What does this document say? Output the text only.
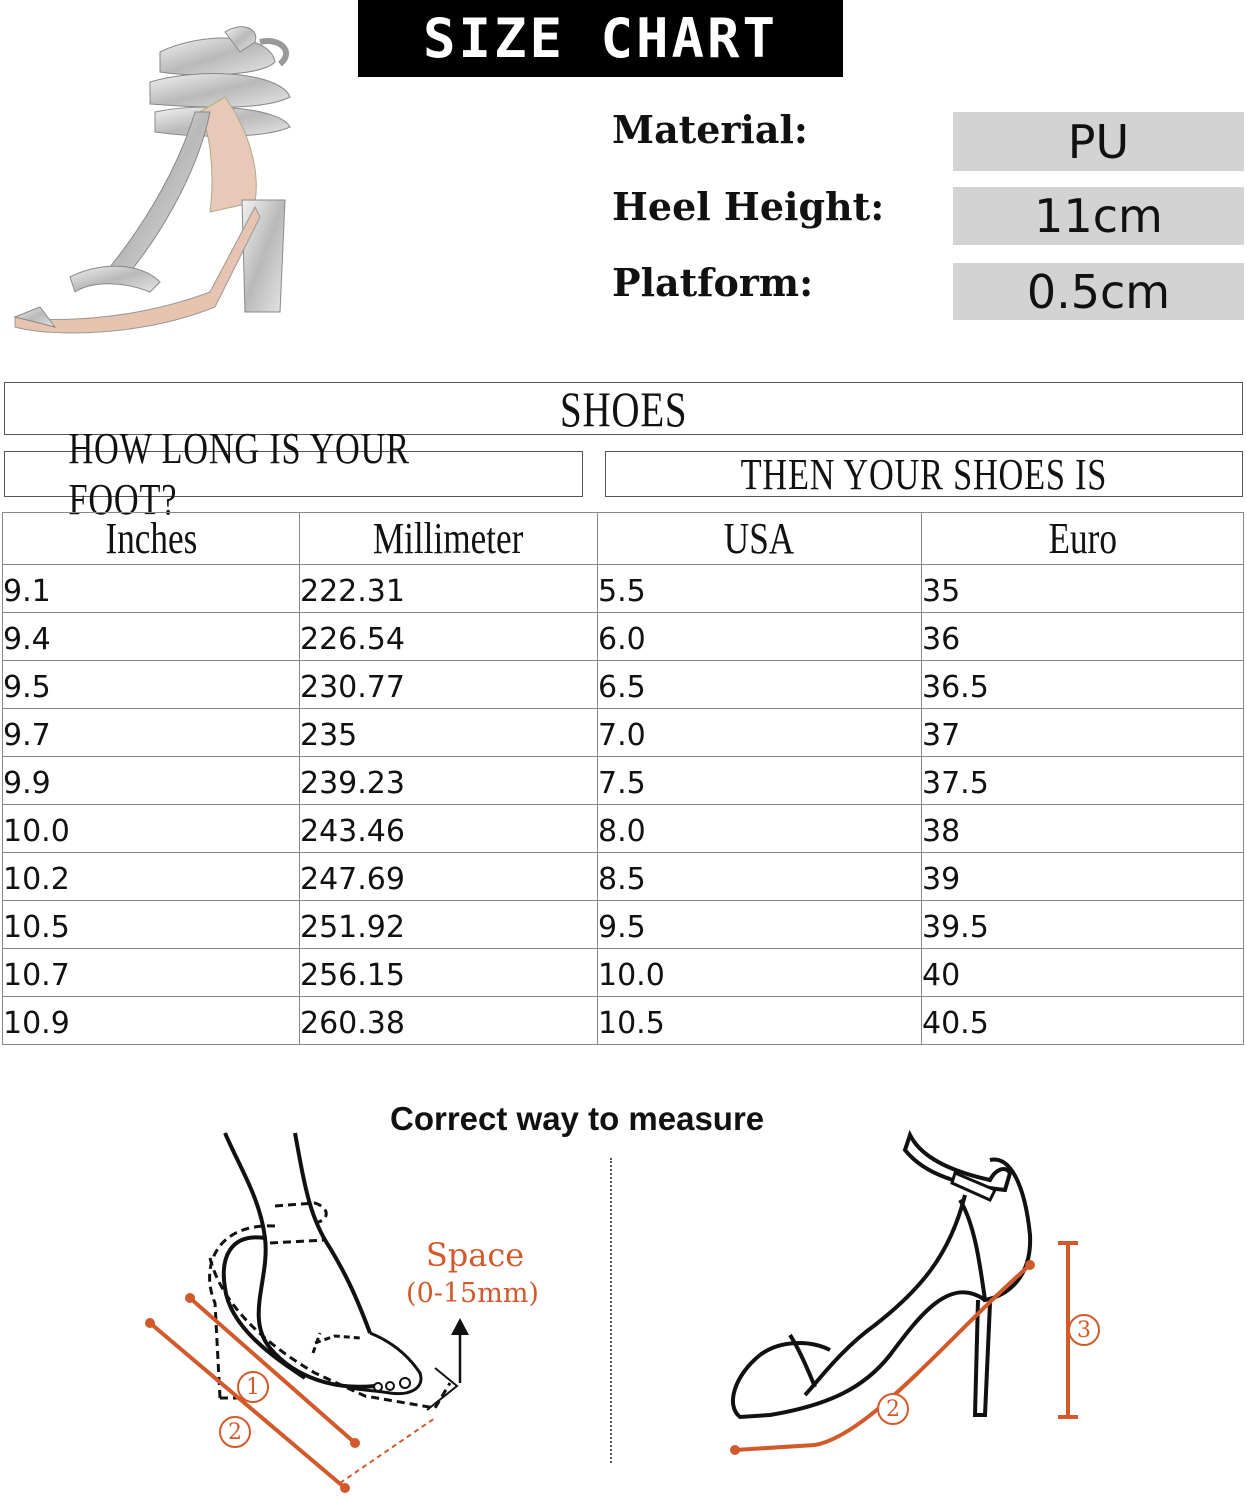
SIZE CHART
Material:	PU
Heel Height:	11cm
Platform:	0.5cm
SHOES
HOW LONG IS YOUR FOOT?
THEN YOUR SHOES IS
Inches	Millimeter	USA	Euro
9.1	222.31	5.5	35
9.4	226.54	6.0	36
9.5	230.77	6.5	36.5
9.7	235	7.0	37
9.9	239.23	7.5	37.5
10.0	243.46	8.0	38
10.2	247.69	8.5	39
10.5	251.92	9.5	39.5
10.7	256.15	10.0	40
10.9	260.38	10.5	40.5
Correct way to measure
1
2
Space
(0-15mm)
3
2
